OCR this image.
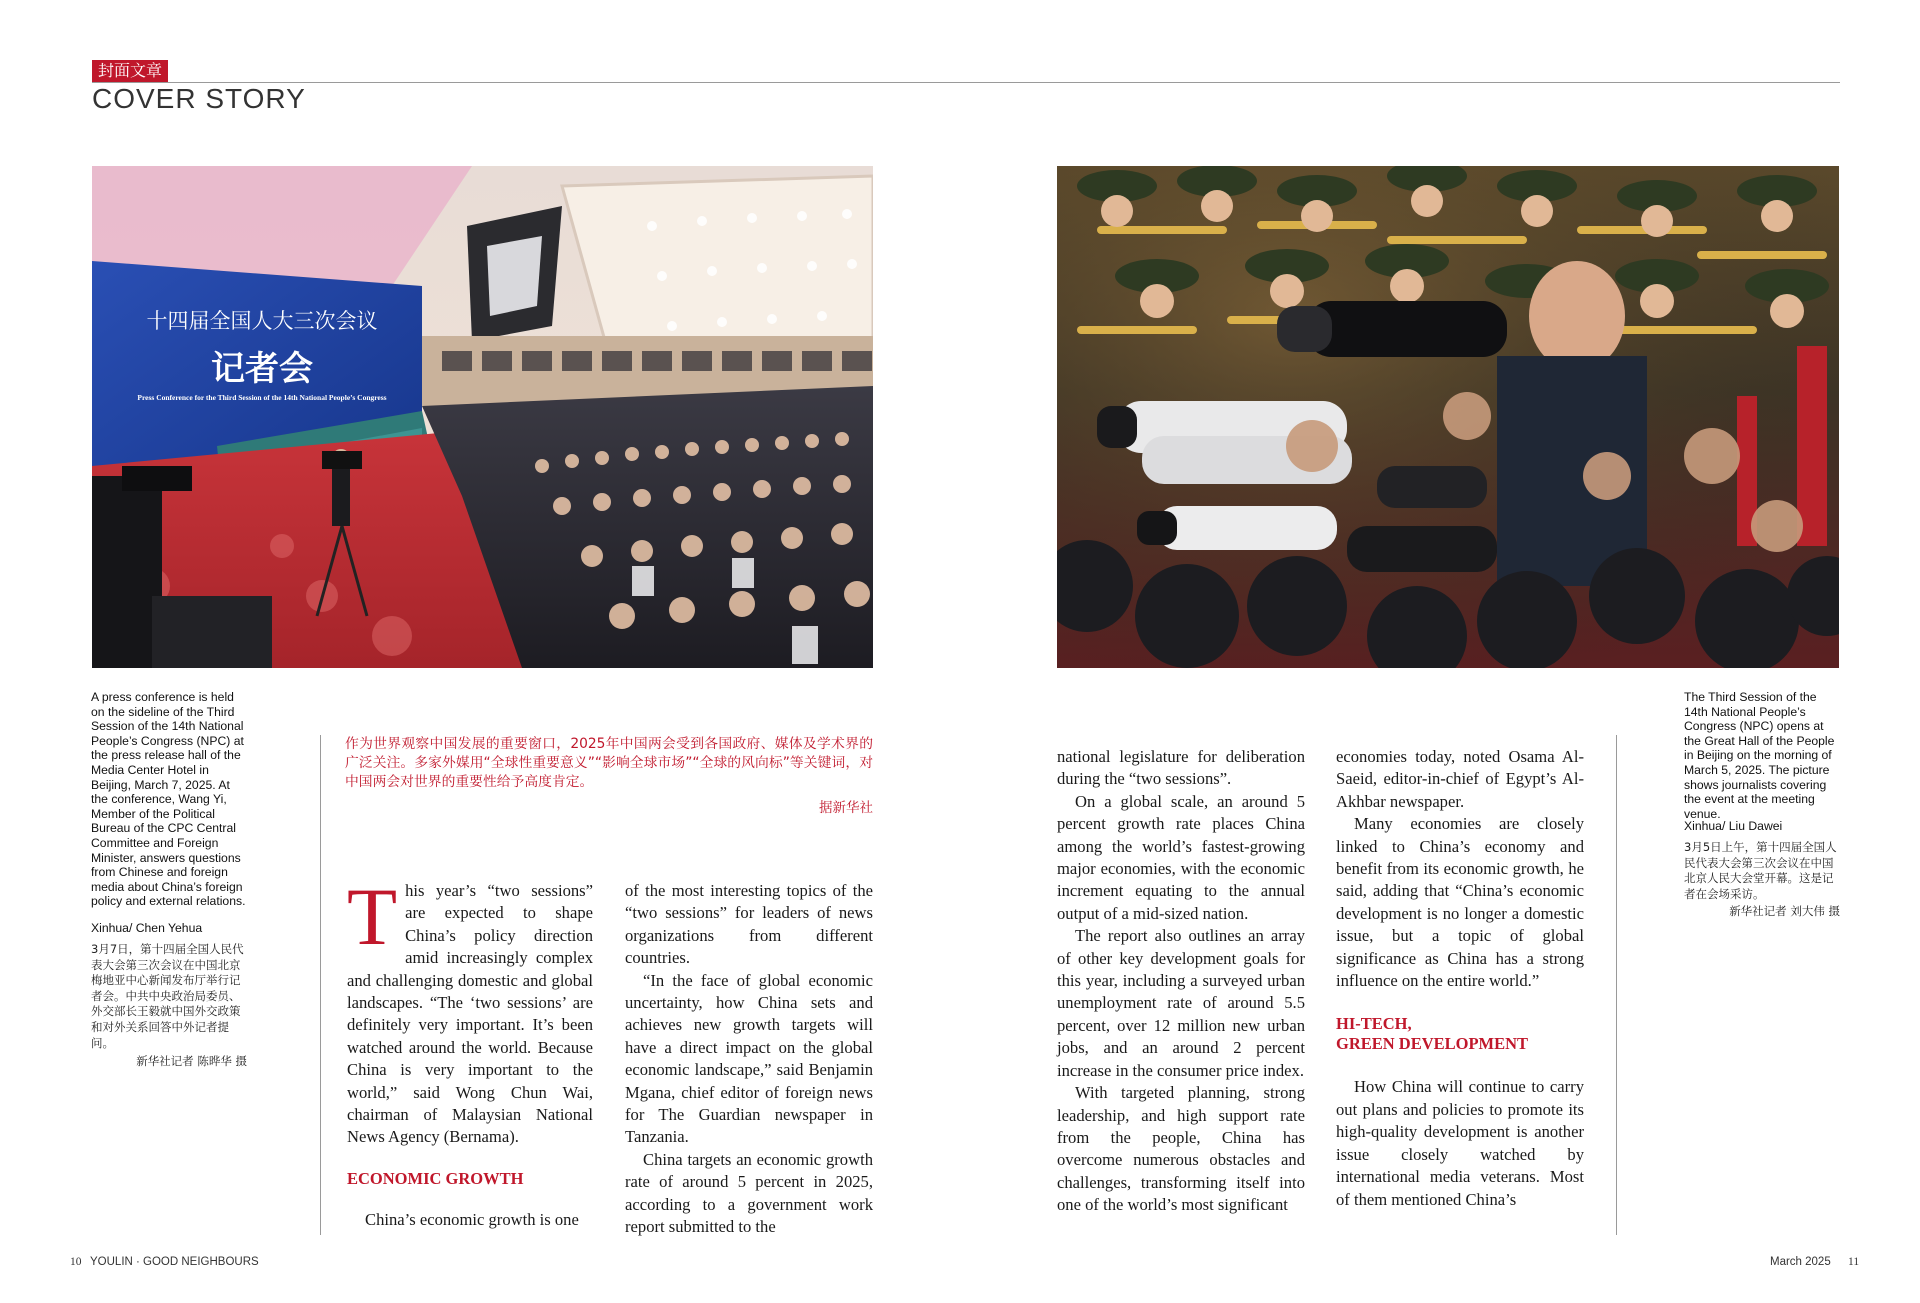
封面文章
COVER STORY
十四届全国人大三次会议
记者会
Press Conference for the Third Session of the 14th National People’s Congress
A press conference is held on the sideline of the Third Session of the 14th National People’s Congress (NPC) at the press release hall of the Media Center Hotel in Beijing, March 7, 2025. At the conference, Wang Yi, Member of the Political Bureau of the CPC Central Committee and Foreign Minister, answers questions from Chinese and foreign media about China’s foreign policy and external relations.
Xinhua/ Chen Yehua
3月7日，第十四届全国人民代表大会第三次会议在中国北京梅地亚中心新闻发布厅举行记者会。中共中央政治局委员、外交部长王毅就中国外交政策和对外关系回答中外记者提问。
新华社记者 陈晔华 摄
The Third Session of the 14th National People’s Congress (NPC) opens at the Great Hall of the People in Beijing on the morning of March 5, 2025. The picture shows journalists covering the event at the meeting venue.
Xinhua/ Liu Dawei
3月5日上午，第十四届全国人民代表大会第三次会议在中国北京人民大会堂开幕。这是记者在会场采访。
新华社记者 刘大伟 摄
作为世界观察中国发展的重要窗口，2025年中国两会受到各国政府、媒体及学术界的广泛关注。多家外媒用“全球性重要意义”“影响全球市场”“全球的风向标”等关键词，对中国两会对世界的重要性给予高度肯定。
据新华社
T his year’s “two sessions” are expected to shape China’s policy direction amid increasingly complex and challenging domestic and global landscapes. “The ‘two sessions’ are definitely very important. It’s been watched around the world. Because China is very important to the world,” said Wong Chun Wai, chairman of Malaysian National News Agency (Bernama).

ECONOMIC GROWTH

China’s economic growth is one

of the most interesting topics of the “two sessions” for leaders of news organizations from different countries.

“In the face of global economic uncertainty, how China sets and achieves new growth targets will have a direct impact on the global economic landscape,” said Benjamin Mgana, chief editor of foreign news for The Guardian newspaper in Tanzania.

China targets an economic growth rate of around 5 percent in 2025, according to a government work report submitted to the

national legislature for deliberation during the “two sessions”.

On a global scale, an around 5 percent growth rate places China among the world’s fastest-growing major economies, with the economic increment equating to the annual output of a mid-sized nation.

The report also outlines an array of other key development goals for this year, including a surveyed urban unemployment rate of around 5.5 percent, over 12 million new urban jobs, and an around 2 percent increase in the consumer price index.

With targeted planning, strong leadership, and high support rate from the people, China has overcome numerous obstacles and challenges, transforming itself into one of the world’s most significant

economies today, noted Osama Al-Saeid, editor-in-chief of Egypt’s Al-Akhbar newspaper.

Many economies are closely linked to China’s economy and benefit from its economic growth, he said, adding that “China’s economic development is no longer a domestic issue, but a topic of global significance as China has a strong influence on the entire world.”

HI-TECH,
GREEN DEVELOPMENT

How China will continue to carry out plans and policies to promote its high-quality development is another issue closely watched by international media veterans. Most of them mentioned China’s

10 YOULIN · GOOD NEIGHBOURS	March 2025 11
